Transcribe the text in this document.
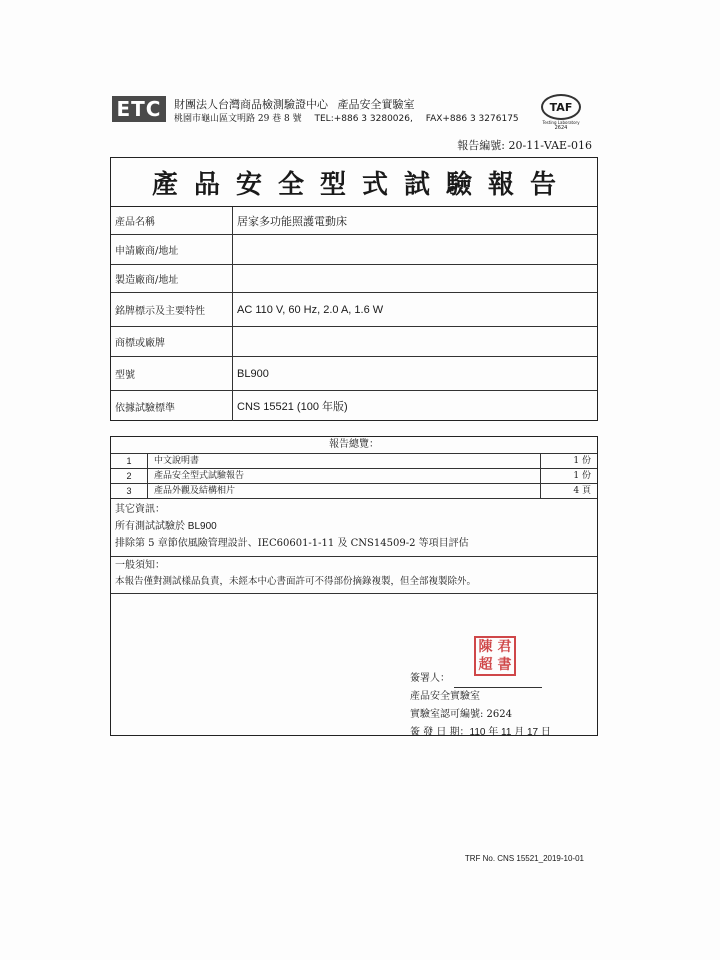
ETC	財團法人台灣商品檢測驗證中心 產品安全實驗室
桃園市龜山區文明路 29 巷 8 號 TEL:+886 3 3280026, FAX+886 3 3276175
TAF
Testing Laboratory
2624
報告編號: 20-11-VAE-016
產品安全型式試驗報告
產品名稱	居家多功能照護電動床
申請廠商/地址
製造廠商/地址
銘牌標示及主要特性	AC 110 V, 60 Hz, 2.0 A, 1.6 W
商標或廠牌
型號	BL900
依據試驗標準	CNS 15521 (100 年版)
報告總覽：
1	中文說明書	1 份
2	產品安全型式試驗報告	1 份
3	產品外觀及結構相片	4 頁
其它資訊：
所有測試試驗於 BL900
排除第 5 章節依風險管理設計、IEC60601-1-11 及 CNS14509-2 等項目評估
一般須知：
本報告僅對測試樣品負責，未經本中心書面許可不得部份摘錄複製，但全部複製除外。
陳 君
超 書
簽署人：
產品安全實驗室
實驗室認可編號: 2624
簽 發 日 期：110 年 11 月 17 日
TRF No. CNS 15521_2019-10-01
